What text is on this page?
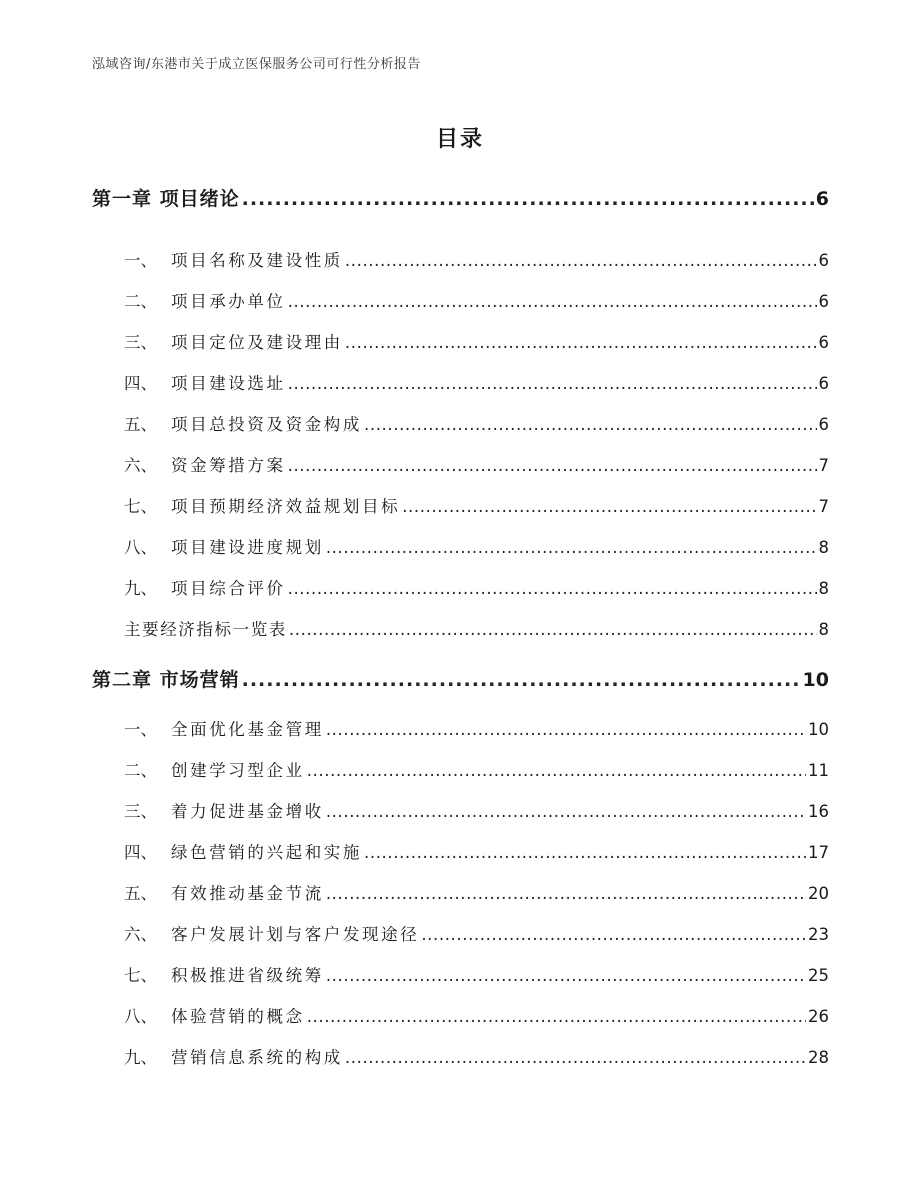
泓域咨询/东港市关于成立医保服务公司可行性分析报告
目录
第一章 项目绪论 .....	6
一、 项目名称及建设性质 .....	6
二、 项目承办单位 .....	6
三、 项目定位及建设理由 .....	6
四、 项目建设选址 .....	6
五、 项目总投资及资金构成 .....	6
六、 资金筹措方案 .....	7
七、 项目预期经济效益规划目标 .....	7
八、 项目建设进度规划 .....	8
九、 项目综合评价 .....	8
主要经济指标一览表 .....	8
第二章 市场营销 .....	10
一、 全面优化基金管理 .....	10
二、 创建学习型企业 .....	11
三、 着力促进基金增收 .....	16
四、 绿色营销的兴起和实施 .....	17
五、 有效推动基金节流 .....	20
六、 客户发展计划与客户发现途径 .....	23
七、 积极推进省级统筹 .....	25
八、 体验营销的概念 .....	26
九、 营销信息系统的构成 .....	28
